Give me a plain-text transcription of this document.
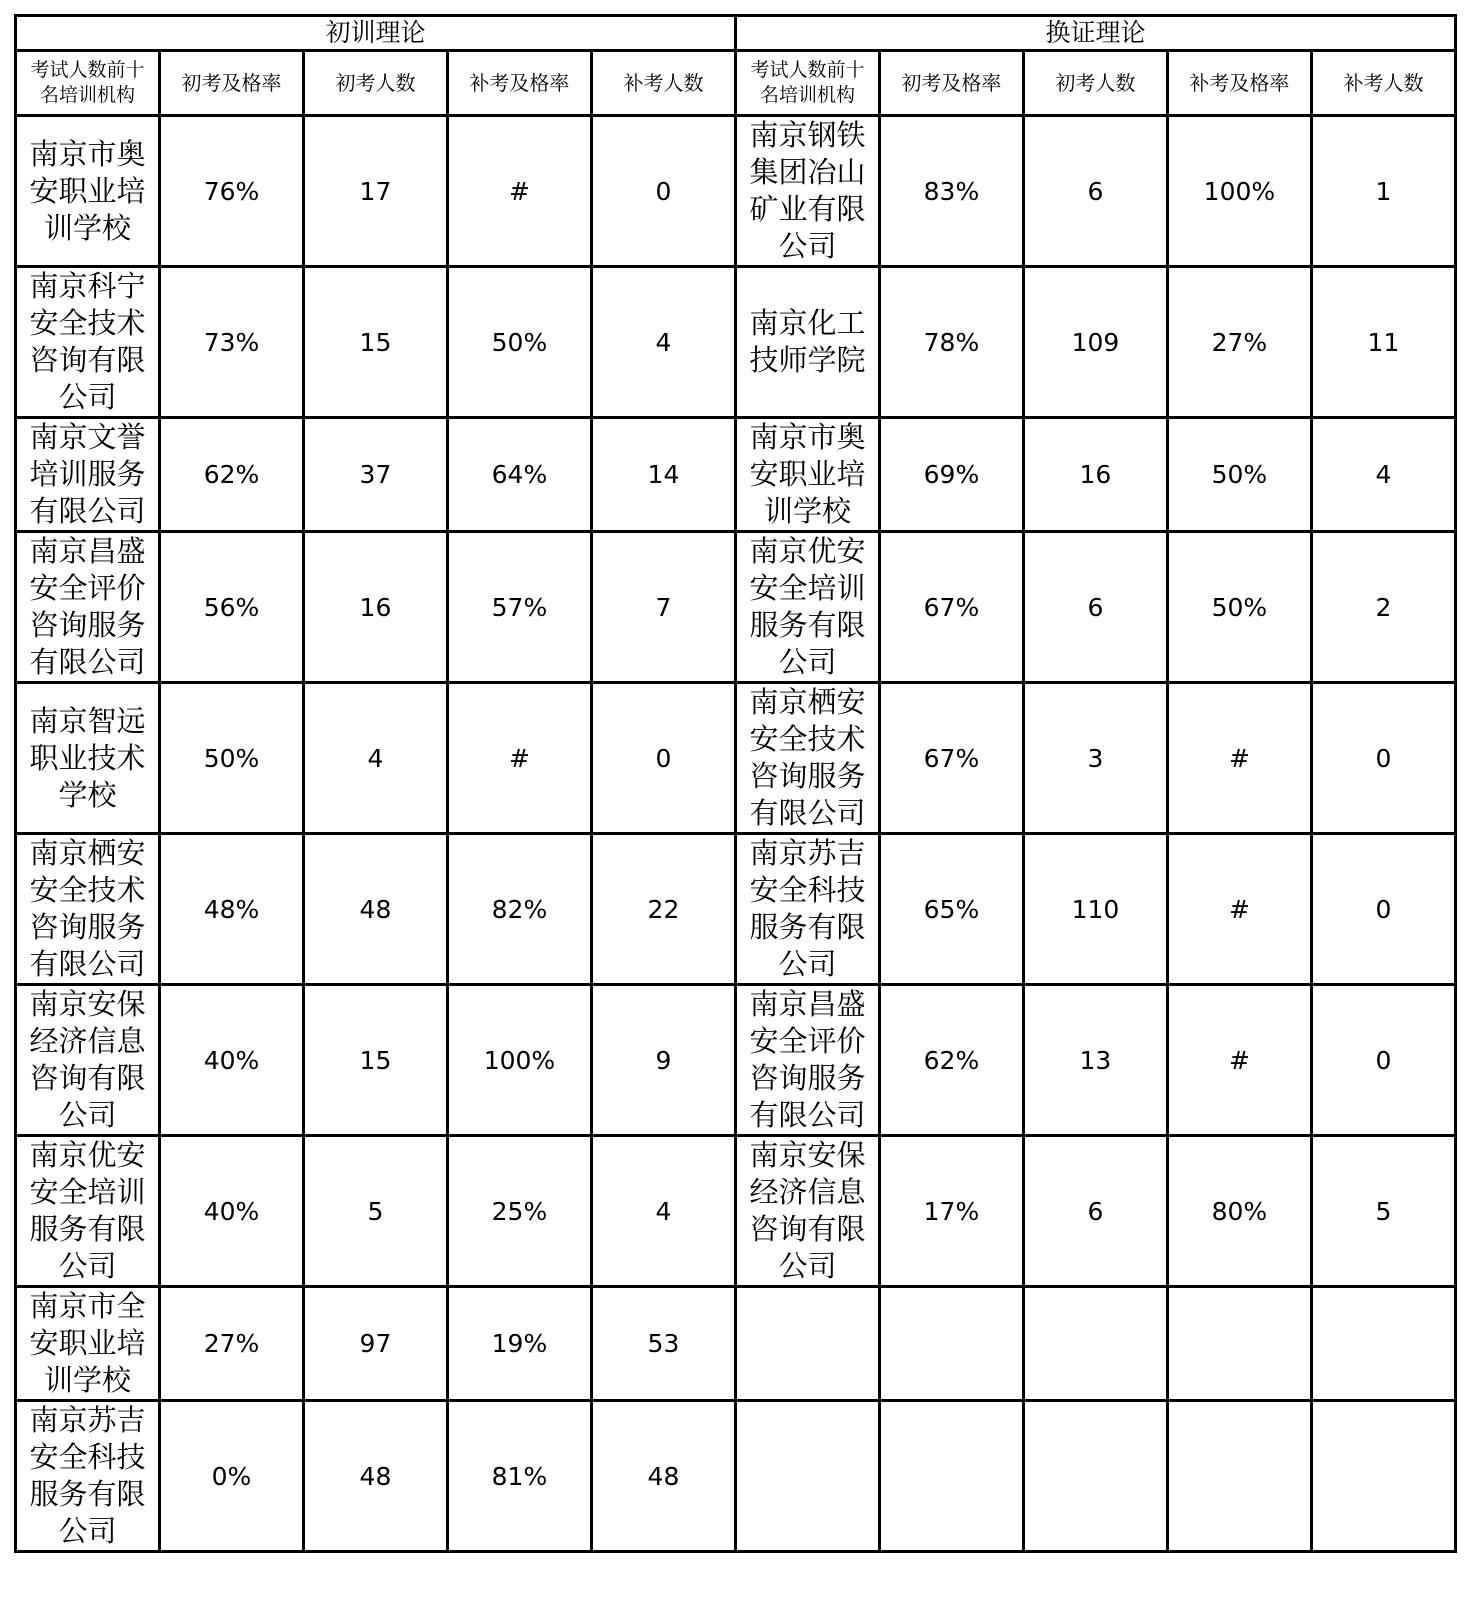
初训理论					换证理论				
考试人数前十名培训机构	初考及格率	初考人数	补考及格率	补考人数	考试人数前十名培训机构	初考及格率	初考人数	补考及格率	补考人数
南京市奥安职业培训学校	76%	17	#	0	南京钢铁集团冶山矿业有限公司	83%	6	100%	1
南京科宁安全技术咨询有限公司	73%	15	50%	4	南京化工技师学院	78%	109	27%	11
南京文誉培训服务有限公司	62%	37	64%	14	南京市奥安职业培训学校	69%	16	50%	4
南京昌盛安全评价咨询服务有限公司	56%	16	57%	7	南京优安安全培训服务有限公司	67%	6	50%	2
南京智远职业技术学校	50%	4	#	0	南京栖安安全技术咨询服务有限公司	67%	3	#	0
南京栖安安全技术咨询服务有限公司	48%	48	82%	22	南京苏吉安全科技服务有限公司	65%	110	#	0
南京安保经济信息咨询有限公司	40%	15	100%	9	南京昌盛安全评价咨询服务有限公司	62%	13	#	0
南京优安安全培训服务有限公司	40%	5	25%	4	南京安保经济信息咨询有限公司	17%	6	80%	5
南京市全安职业培训学校	27%	97	19%	53					
南京苏吉安全科技服务有限公司	0%	48	81%	48					
